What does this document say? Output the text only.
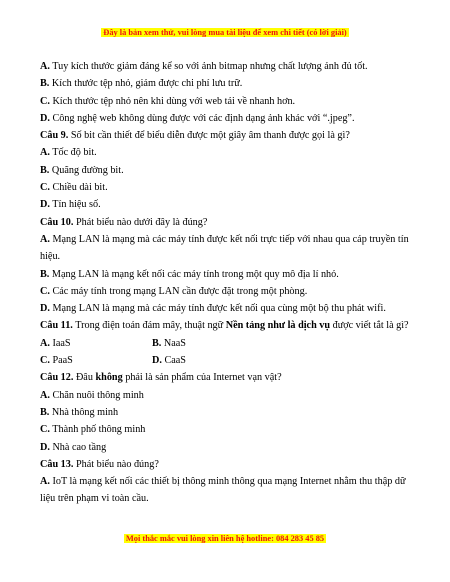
Đây là bản xem thử, vui lòng mua tài liệu để xem chi tiết (có lời giải)
A. Tuy kích thước giảm đáng kể so với ảnh bitmap nhưng chất lượng ảnh đủ tốt.
B. Kích thước tệp nhỏ, giảm được chi phí lưu trữ.
C. Kích thước tệp nhỏ nên khi dùng với web tải về nhanh hơn.
D. Công nghệ web không dùng được với các định dạng ảnh khác với “.jpeg”.
Câu 9. Số bit cần thiết để biểu diễn được một giây âm thanh được gọi là gì?
A. Tốc độ bit.
B. Quãng đường bit.
C. Chiều dài bit.
D. Tín hiệu số.
Câu 10. Phát biểu nào dưới đây là đúng?
A. Mạng LAN là mạng mà các máy tính được kết nối trực tiếp với nhau qua cáp truyền tín hiệu.
B. Mạng LAN là mạng kết nối các máy tính trong một quy mô địa lí nhỏ.
C. Các máy tính trong mạng LAN cần được đặt trong một phòng.
D. Mạng LAN là mạng mà các máy tính được kết nối qua cùng một bộ thu phát wifi.
Câu 11. Trong điện toán đám mây, thuật ngữ Nền tảng như là dịch vụ được viết tắt là gì?
A. IaaS	B. NaaS
C. PaaS	D. CaaS
Câu 12. Đâu không phải là sản phẩm của Internet vạn vật?
A. Chăn nuôi thông minh
B. Nhà thông minh
C. Thành phố thông minh
D. Nhà cao tầng
Câu 13. Phát biểu nào đúng?
A. IoT là mạng kết nối các thiết bị thông minh thông qua mạng Internet nhằm thu thập dữ liệu trên phạm vi toàn cầu.
Mọi thắc mắc vui lòng xin liên hệ hotline: 084 283 45 85
